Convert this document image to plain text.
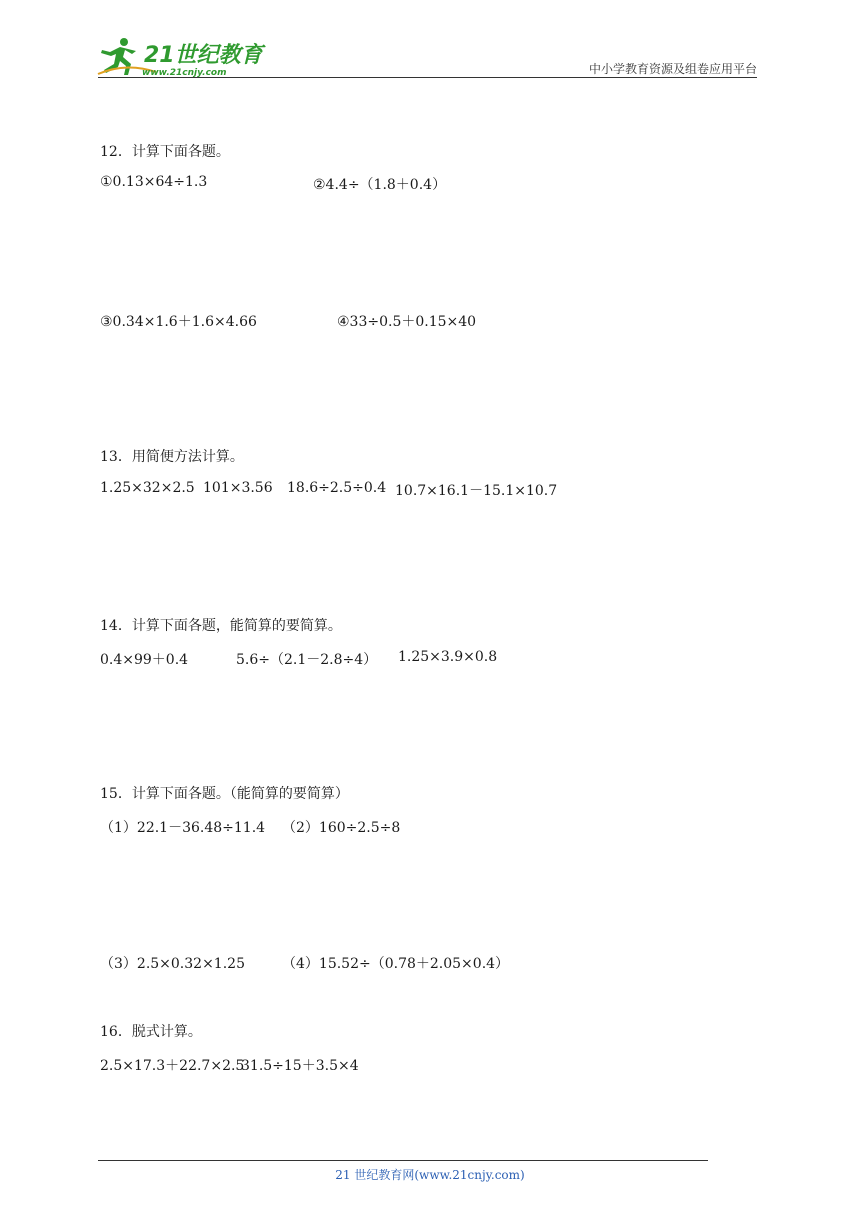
21世纪教育
www.21cnjy.com	中小学教育资源及组卷应用平台
12．计算下面各题。
①0.13×64÷1.3	②4.4÷（1.8＋0.4）
③0.34×1.6＋1.6×4.66	④33÷0.5＋0.15×40
13．用简便方法计算。
1.25×32×2.5 101×3.56 18.6÷2.5÷0.4 10.7×16.1－15.1×10.7
14．计算下面各题，能简算的要简算。
0.4×99＋0.4	5.6÷（2.1－2.8÷4） 1.25×3.9×0.8
15．计算下面各题。（能简算的要简算）
（1）22.1－36.48÷11.4 （2）160÷2.5÷8
（3）2.5×0.32×1.25	（4）15.52÷（0.78＋2.05×0.4）
16．脱式计算。
2.5×17.3＋22.7×2.5
31.5÷15＋3.5×4
21 世纪教育网(www.21cnjy.com)
